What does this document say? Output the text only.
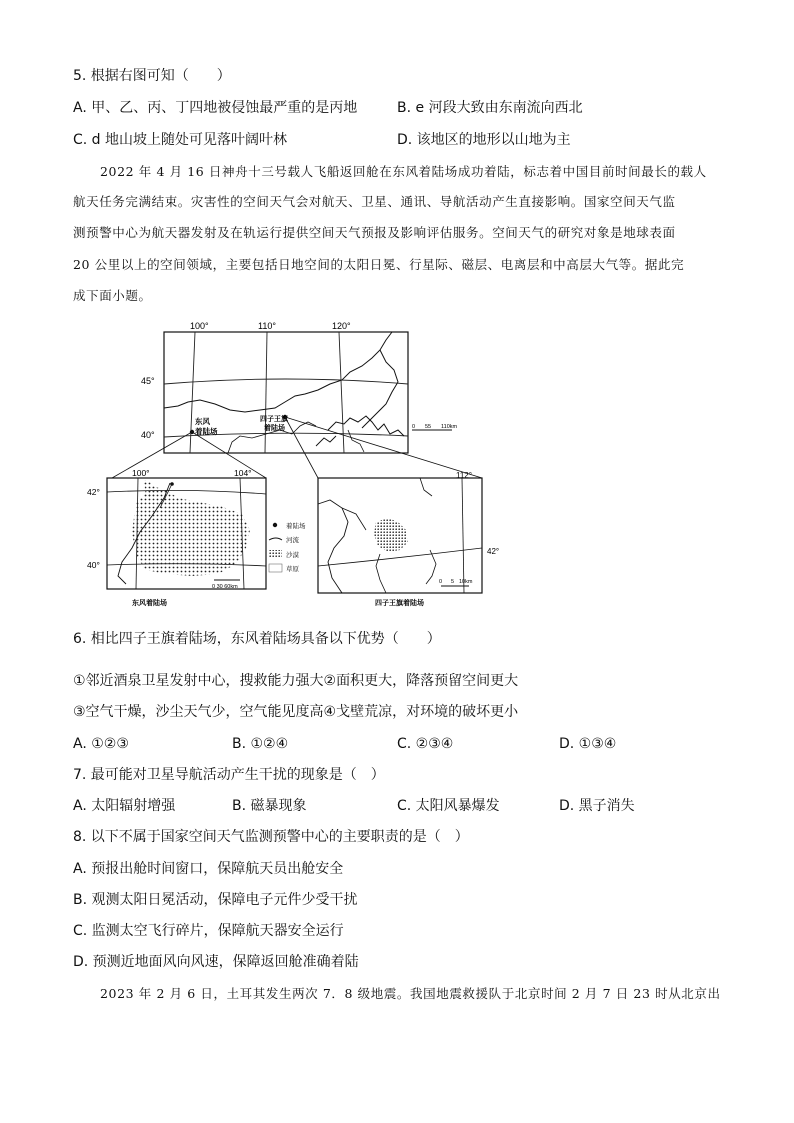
5. 根据右图可知（　　）
A. 甲、乙、丙、丁四地被侵蚀最严重的是丙地	B. e 河段大致由东南流向西北
C. d 地山坡上随处可见落叶阔叶林	D. 该地区的地形以山地为主
2022 年 4 月 16 日神舟十三号载人飞船返回舱在东风着陆场成功着陆，标志着中国目前时间最长的载人
航天任务完满结束。灾害性的空间天气会对航天、卫星、通讯、导航活动产生直接影响。国家空间天气监
测预警中心为航天器发射及在轨运行提供空间天气预报及影响评估服务。空间天气的研究对象是地球表面
20 公里以上的空间领域，主要包括日地空间的太阳日冕、行星际、磁层、电离层和中高层大气等。据此完
成下面小题。
100°	110°	120°
45°
40°
东风
着陆场
四子王旗
着陆场	0 55 110km
100°	104°
42°
40°
0 30 60km
东风着陆场
着陆场
河流
沙漠
草原
112°
42°
0 5 10km
四子王旗着陆场
6. 相比四子王旗着陆场，东风着陆场具备以下优势（　　）
①邻近酒泉卫星发射中心，搜救能力强大②面积更大，降落预留空间更大
③空气干燥，沙尘天气少，空气能见度高④戈壁荒凉，对环境的破坏更小
A. ①②③	B. ①②④	C. ②③④	D. ①③④
7. 最可能对卫星导航活动产生干扰的现象是（　）
A. 太阳辐射增强	B. 磁暴现象	C. 太阳风暴爆发	D. 黑子消失
8. 以下不属于国家空间天气监测预警中心的主要职责的是（　）
A. 预报出舱时间窗口，保障航天员出舱安全
B. 观测太阳日冕活动，保障电子元件少受干扰
C. 监测太空飞行碎片，保障航天器安全运行
D. 预测近地面风向风速，保障返回舱准确着陆
2023 年 2 月 6 日，土耳其发生两次 7．8 级地震。我国地震救援队于北京时间 2 月 7 日 23 时从北京出
